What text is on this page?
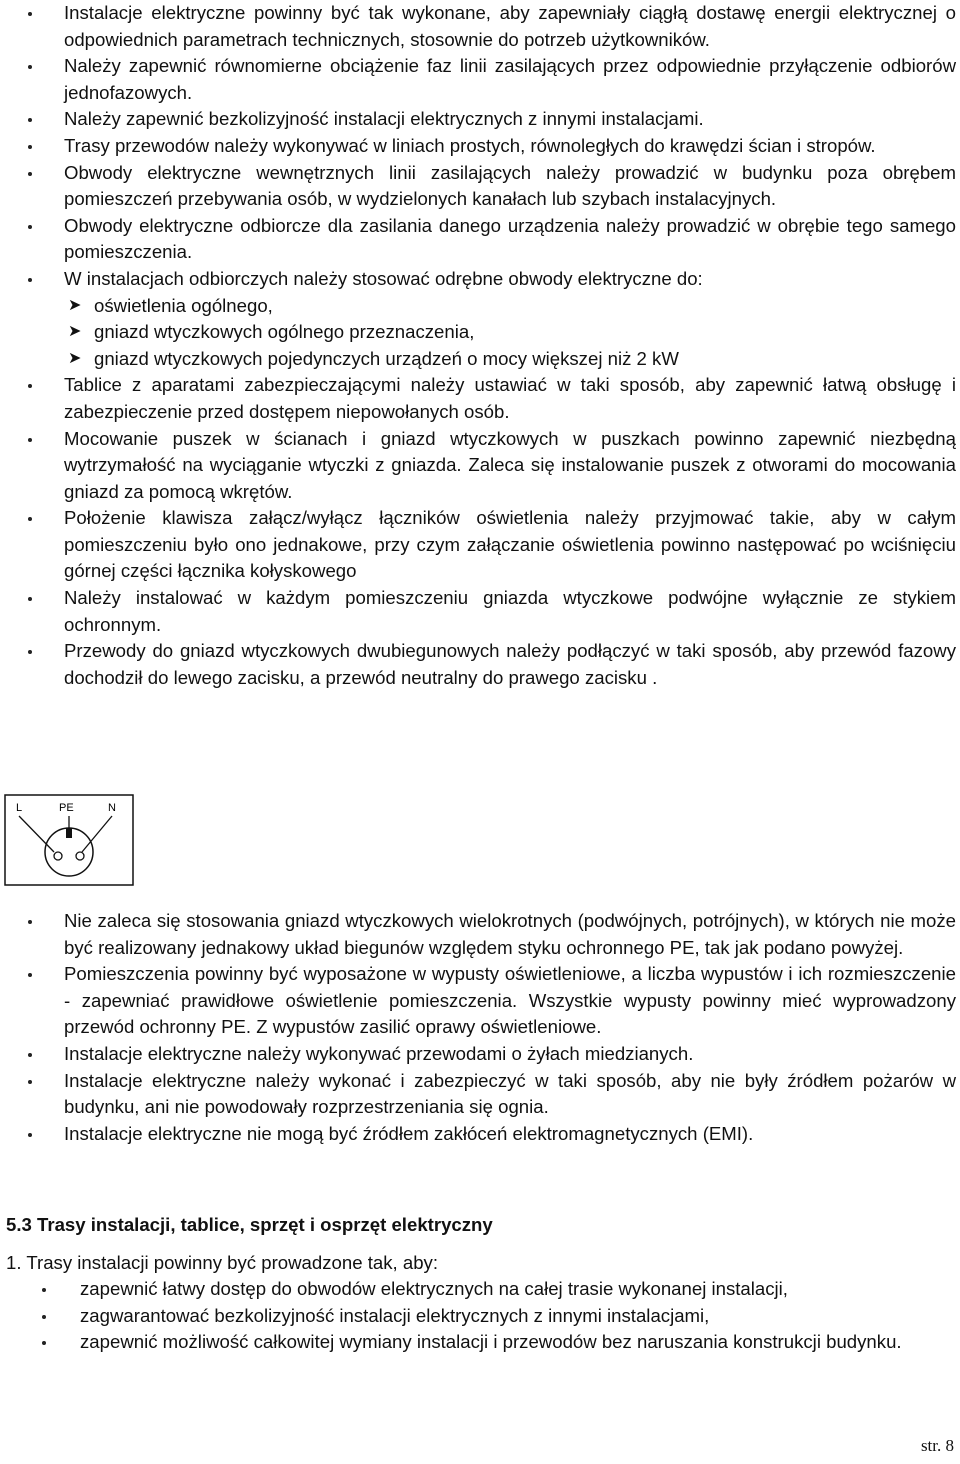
Instalacje elektryczne powinny być tak wykonane, aby zapewniały ciągłą dostawę energii elektrycznej o odpowiednich parametrach technicznych, stosownie do potrzeb użytkowników.
Należy zapewnić równomierne obciążenie faz linii zasilających przez odpowiednie przyłączenie odbiorów jednofazowych.
Należy zapewnić bezkolizyjność instalacji elektrycznych z innymi instalacjami.
Trasy przewodów należy wykonywać w liniach prostych, równoległych do krawędzi ścian i stropów.
Obwody elektryczne wewnętrznych linii zasilających należy prowadzić w budynku poza obrębem pomieszczeń przebywania osób, w wydzielonych kanałach lub szybach instalacyjnych.
Obwody elektryczne odbiorcze dla zasilania danego urządzenia należy prowadzić w obrębie tego samego pomieszczenia.
W instalacjach odbiorczych należy stosować odrębne obwody elektryczne do:
➤ oświetlenia ogólnego,
➤ gniazd wtyczkowych ogólnego przeznaczenia,
➤ gniazd wtyczkowych pojedynczych urządzeń o mocy większej niż 2 kW
Tablice z aparatami zabezpieczającymi należy ustawiać w taki sposób, aby zapewnić łatwą obsługę i zabezpieczenie przed dostępem niepowołanych osób.
Mocowanie puszek w ścianach i gniazd wtyczkowych w puszkach powinno zapewnić niezbędną wytrzymałość na wyciąganie wtyczki z gniazda. Zaleca się instalowanie puszek z otworami do mocowania gniazd za pomocą wkrętów.
Położenie klawisza załącz/wyłącz łączników oświetlenia należy przyjmować takie, aby w całym pomieszczeniu było ono jednakowe, przy czym załączanie oświetlenia powinno następować po wciśnięciu górnej części łącznika kołyskowego
Należy instalować w każdym pomieszczeniu gniazda wtyczkowe podwójne wyłącznie ze stykiem ochronnym.
Przewody do gniazd wtyczkowych dwubiegunowych należy podłączyć w taki sposób, aby przewód fazowy dochodził do lewego zacisku, a przewód neutralny do prawego zacisku .
L	PE	N
Nie zaleca się stosowania gniazd wtyczkowych wielokrotnych (podwójnych, potrójnych), w których nie może być realizowany jednakowy układ biegunów względem styku ochronnego PE, tak jak podano powyżej.
Pomieszczenia powinny być wyposażone w wypusty oświetleniowe, a liczba wypustów i ich rozmieszczenie - zapewniać prawidłowe oświetlenie pomieszczenia. Wszystkie wypusty powinny mieć wyprowadzony przewód ochronny PE. Z wypustów zasilić oprawy oświetleniowe.
Instalacje elektryczne należy wykonywać przewodami o żyłach miedzianych.
Instalacje elektryczne należy wykonać i zabezpieczyć w taki sposób, aby nie były źródłem pożarów w budynku, ani nie powodowały rozprzestrzeniania się ognia.
Instalacje elektryczne nie mogą być źródłem zakłóceń elektromagnetycznych (EMI).
5.3 Trasy instalacji, tablice, sprzęt i osprzęt elektryczny
1. Trasy instalacji powinny być prowadzone tak, aby:
zapewnić łatwy dostęp do obwodów elektrycznych na całej trasie wykonanej instalacji,
zagwarantować bezkolizyjność instalacji elektrycznych z innymi instalacjami,
zapewnić możliwość całkowitej wymiany instalacji i przewodów bez naruszania konstrukcji budynku.
str. 8
